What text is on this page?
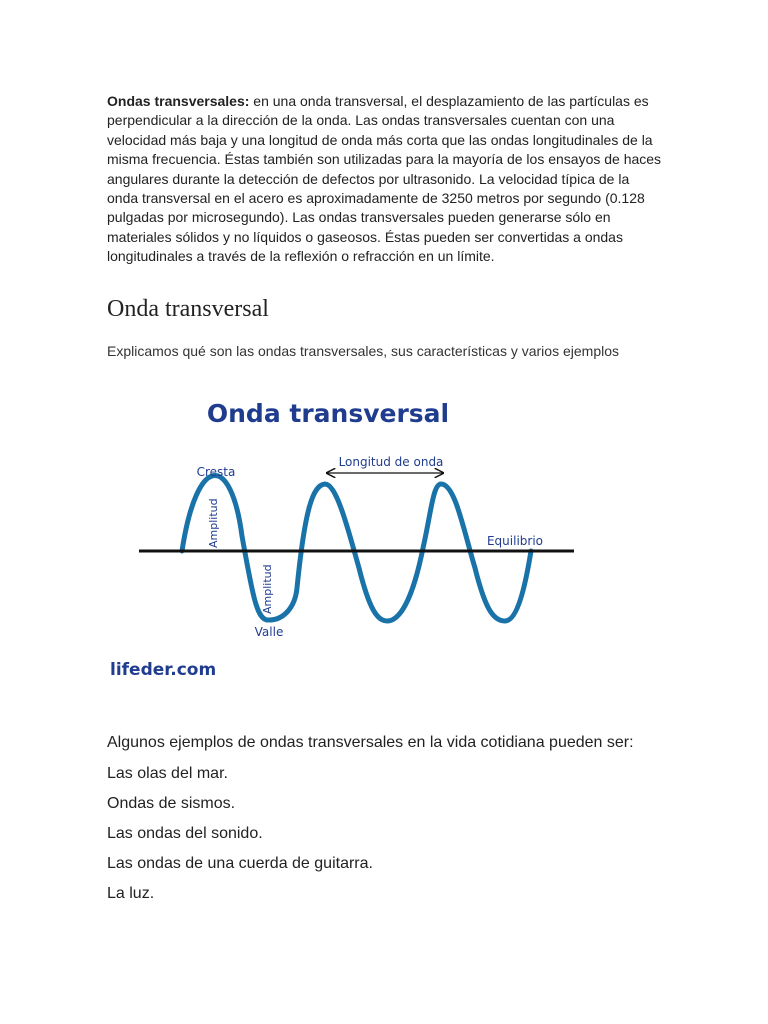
Ondas transversales: en una onda transversal, el desplazamiento de las partículas es perpendicular a la dirección de la onda. Las ondas transversales cuentan con una velocidad más baja y una longitud de onda más corta que las ondas longitudinales de la misma frecuencia. Éstas también son utilizadas para la mayoría de los ensayos de haces angulares durante la detección de defectos por ultrasonido. La velocidad típica de la onda transversal en el acero es aproximadamente de 3250 metros por segundo (0.128 pulgadas por microsegundo). Las ondas transversales pueden generarse sólo en materiales sólidos y no líquidos o gaseosos. Éstas pueden ser convertidas a ondas longitudinales a través de la reflexión o refracción en un límite.

Onda transversal

Explicamos qué son las ondas transversales, sus características y varios ejemplos

Algunos ejemplos de ondas transversales en la vida cotidiana pueden ser:

Las olas del mar.

Ondas de sismos.

Las ondas del sonido.

Las ondas de una cuerda de guitarra.

La luz.

Onda transversal
Longitud de onda
Cresta
Valle
Equilibrio
Amplitud
Amplitud
lifeder.com
